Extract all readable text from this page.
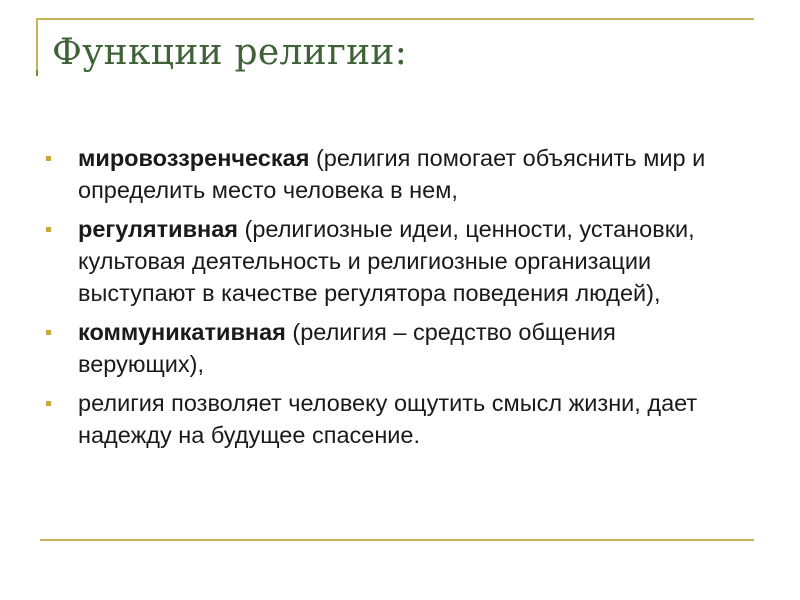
Функции религии:
мировоззренческая (религия помогает объяснить мир и определить место человека в нем,
регулятивная (религиозные идеи, ценности, установки, культовая деятельность и религиозные организации выступают в качестве регулятора поведения людей),
коммуникативная (религия – средство общения верующих),
религия позволяет человеку ощутить смысл жизни, дает надежду на будущее спасение.
